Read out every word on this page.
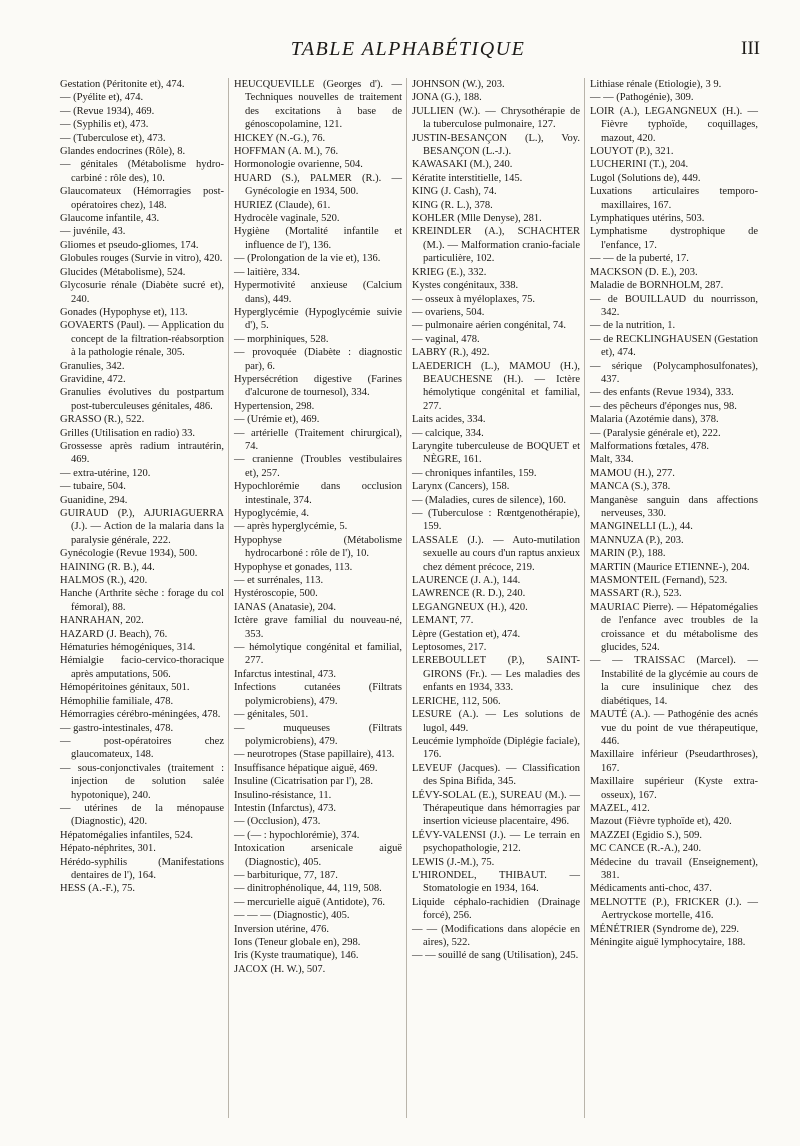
TABLE ALPHABÉTIQUE	III

Gestation (Péritonite et), 474.

— (Pyélite et), 474.

— (Revue 1934), 469.

— (Syphilis et), 473.

— (Tuberculose et), 473.

Glandes endocrines (Rôle), 8.

— génitales (Métabolisme hydro-carbiné : rôle des), 10.

Glaucomateux (Hémorragies post-opératoires chez), 148.

Glaucome infantile, 43.

— juvénile, 43.

Gliomes et pseudo-gliomes, 174.

Globules rouges (Survie in vitro), 420.

Glucides (Métabolisme), 524.

Glycosurie rénale (Diabète sucré et), 240.

Gonades (Hypophyse et), 113.

GOVAERTS (Paul). — Application du concept de la filtration-réabsorption à la pathologie rénale, 305.

Granulies, 342.

Gravidine, 472.

Granulies évolutives du postpartum post-tuberculeuses génitales, 486.

GRASSO (R.), 522.

Grilles (Utilisation en radio) 33.

Grossesse après radium intrautérin, 469.

— extra-utérine, 120.

— tubaire, 504.

Guanidine, 294.

GUIRAUD (P.), AJURIAGUERRA (J.). — Action de la malaria dans la paralysie générale, 222.

Gynécologie (Revue 1934), 500.

HAINING (R. B.), 44.

HALMOS (R.), 420.

Hanche (Arthrite sèche : forage du col fémoral), 88.

HANRAHAN, 202.

HAZARD (J. Beach), 76.

Hématuries hémogéniques, 314.

Hémialgie facio-cervico-thoracique après amputations, 506.

Hémopéritoines génitaux, 501.

Hémophilie familiale, 478.

Hémorragies cérébro-méningées, 478.

— gastro-intestinales, 478.

— post-opératoires chez glaucomateux, 148.

— sous-conjonctivales (traitement : injection de solution salée hypotonique), 240.

— utérines de la ménopause (Diagnostic), 420.

Hépatomégalies infantiles, 524.

Hépato-néphrites, 301.

Hérédo-syphilis (Manifestations dentaires de l'), 164.

HESS (A.-F.), 75.

HEUCQUEVILLE (Georges d'). — Techniques nouvelles de traitement des excitations à base de génoscopolamine, 121.

HICKEY (N.-G.), 76.

HOFFMAN (A. M.), 76.

Hormonologie ovarienne, 504.

HUARD (S.), PALMER (R.). — Gynécologie en 1934, 500.

HURIEZ (Claude), 61.

Hydrocèle vaginale, 520.

Hygiène (Mortalité infantile et influence de l'), 136.

— (Prolongation de la vie et), 136.

— laitière, 334.

Hypermotivité anxieuse (Calcium dans), 449.

Hyperglycémie (Hypoglycémie suivie d'), 5.

— morphiniques, 528.

— provoquée (Diabète : diagnostic par), 6.

Hypersécrétion digestive (Farines d'alcurone de tournesol), 334.

Hypertension, 298.

— (Urémie et), 469.

— artérielle (Traitement chirurgical), 74.

— cranienne (Troubles vestibulaires et), 257.

Hypochlorémie dans occlusion intestinale, 374.

Hypoglycémie, 4.

— après hyperglycémie, 5.

Hypophyse (Métabolisme hydrocarboné : rôle de l'), 10.

Hypophyse et gonades, 113.

— et surrénales, 113.

Hystéroscopie, 500.

IANAS (Anatasie), 204.

Ictère grave familial du nouveau-né, 353.

— hémolytique congénital et familial, 277.

Infarctus intestinal, 473.

Infections cutanées (Filtrats polymicrobiens), 479.

— génitales, 501.

— muqueuses (Filtrats polymicrobiens), 479.

— neurotropes (Stase papillaire), 413.

Insuffisance hépatique aiguë, 469.

Insuline (Cicatrisation par l'), 28.

Insulino-résistance, 11.

Intestin (Infarctus), 473.

— (Occlusion), 473.

— (— : hypochlorémie), 374.

Intoxication arsenicale aiguë (Diagnostic), 405.

— barbiturique, 77, 187.

— dinitrophénolique, 44, 119, 508.

— mercurielle aiguë (Antidote), 76.

— — — (Diagnostic), 405.

Inversion utérine, 476.

Ions (Teneur globale en), 298.

Iris (Kyste traumatique), 146.

JACOX (H. W.), 507.

JOHNSON (W.), 203.

JONA (G.), 188.

JULLIEN (W.). — Chrysothérapie de la tuberculose pulmonaire, 127.

JUSTIN-BESANÇON (L.), Voy. BESANÇON (L.-J.).

KAWASAKI (M.), 240.

Kératite interstitielle, 145.

KING (J. Cash), 74.

KING (R. L.), 378.

KOHLER (Mlle Denyse), 281.

KREINDLER (A.), SCHACHTER (M.). — Malformation cranio-faciale particulière, 102.

KRIEG (E.), 332.

Kystes congénitaux, 338.

— osseux à myéloplaxes, 75.

— ovariens, 504.

— pulmonaire aérien congénital, 74.

— vaginal, 478.

LABRY (R.), 492.

LAEDERICH (L.), MAMOU (H.), BEAUCHESNE (H.). — Ictère hémolytique congénital et familial, 277.

Laits acides, 334.

— calcique, 334.

Laryngite tuberculeuse de BOQUET et NÈGRE, 161.

— chroniques infantiles, 159.

Larynx (Cancers), 158.

— (Maladies, cures de silence), 160.

— (Tuberculose : Rœntgenothérapie), 159.

LASSALE (J.). — Auto-mutilation sexuelle au cours d'un raptus anxieux chez dément précoce, 219.

LAURENCE (J. A.), 144.

LAWRENCE (R. D.), 240.

LEGANGNEUX (H.), 420.

LEMANT, 77.

Lèpre (Gestation et), 474.

Leptosomes, 217.

LEREBOULLET (P.), SAINT-GIRONS (Fr.). — Les maladies des enfants en 1934, 333.

LERICHE, 112, 506.

LESURE (A.). — Les solutions de lugol, 449.

Leucémie lymphoïde (Diplégie faciale), 176.

LEVEUF (Jacques). — Classification des Spina Bifida, 345.

LÉVY-SOLAL (E.), SUREAU (M.). — Thérapeutique dans hémorragies par insertion vicieuse placentaire, 496.

LÉVY-VALENSI (J.). — Le terrain en psychopathologie, 212.

LEWIS (J.-M.), 75.

L'HIRONDEL, THIBAUT. — Stomatologie en 1934, 164.

Liquide céphalo-rachidien (Drainage forcé), 256.

— — (Modifications dans alopécie en aires), 522.

— — souillé de sang (Utilisation), 245.

Lithiase rénale (Etiologie), 3 9.

— — (Pathogénie), 309.

LOIR (A.), LEGANGNEUX (H.). — Fièvre typhoïde, coquillages, mazout, 420.

LOUYOT (P.), 321.

LUCHERINI (T.), 204.

Lugol (Solutions de), 449.

Luxations articulaires temporo-maxillaires, 167.

Lymphatiques utérins, 503.

Lymphatisme dystrophique de l'enfance, 17.

— — de la puberté, 17.

MACKSON (D. E.), 203.

Maladie de BORNHOLM, 287.

— de BOUILLAUD du nourrisson, 342.

— de la nutrition, 1.

— de RECKLINGHAUSEN (Gestation et), 474.

— sérique (Polycamphosulfonates), 437.

— des enfants (Revue 1934), 333.

— des pêcheurs d'éponges nus, 98.

Malaria (Azotémie dans), 378.

— (Paralysie générale et), 222.

Malformations fœtales, 478.

Malt, 334.

MAMOU (H.), 277.

MANCA (S.), 378.

Manganèse sanguin dans affections nerveuses, 330.

MANGINELLI (L.), 44.

MANNUZA (P.), 203.

MARIN (P.), 188.

MARTIN (Maurice ETIENNE-), 204.

MASMONTEIL (Fernand), 523.

MASSART (R.), 523.

MAURIAC Pierre). — Hépatomégalies de l'enfance avec troubles de la croissance et du métabolisme des glucides, 524.

— — TRAISSAC (Marcel). — Instabilité de la glycémie au cours de la cure insulinique chez des diabétiques, 14.

MAUTÉ (A.). — Pathogénie des acnés vue du point de vue thérapeutique, 446.

Maxillaire inférieur (Pseudarthroses), 167.

Maxillaire supérieur (Kyste extra-osseux), 167.

MAZEL, 412.

Mazout (Fièvre typhoïde et), 420.

MAZZEI (Egidio S.), 509.

MC CANCE (R.-A.), 240.

Médecine du travail (Enseignement), 381.

Médicaments anti-choc, 437.

MELNOTTE (P.), FRICKER (J.). — Aertryckose mortelle, 416.

MÉNÉTRIER (Syndrome de), 229.

Méningite aiguë lymphocytaire, 188.
